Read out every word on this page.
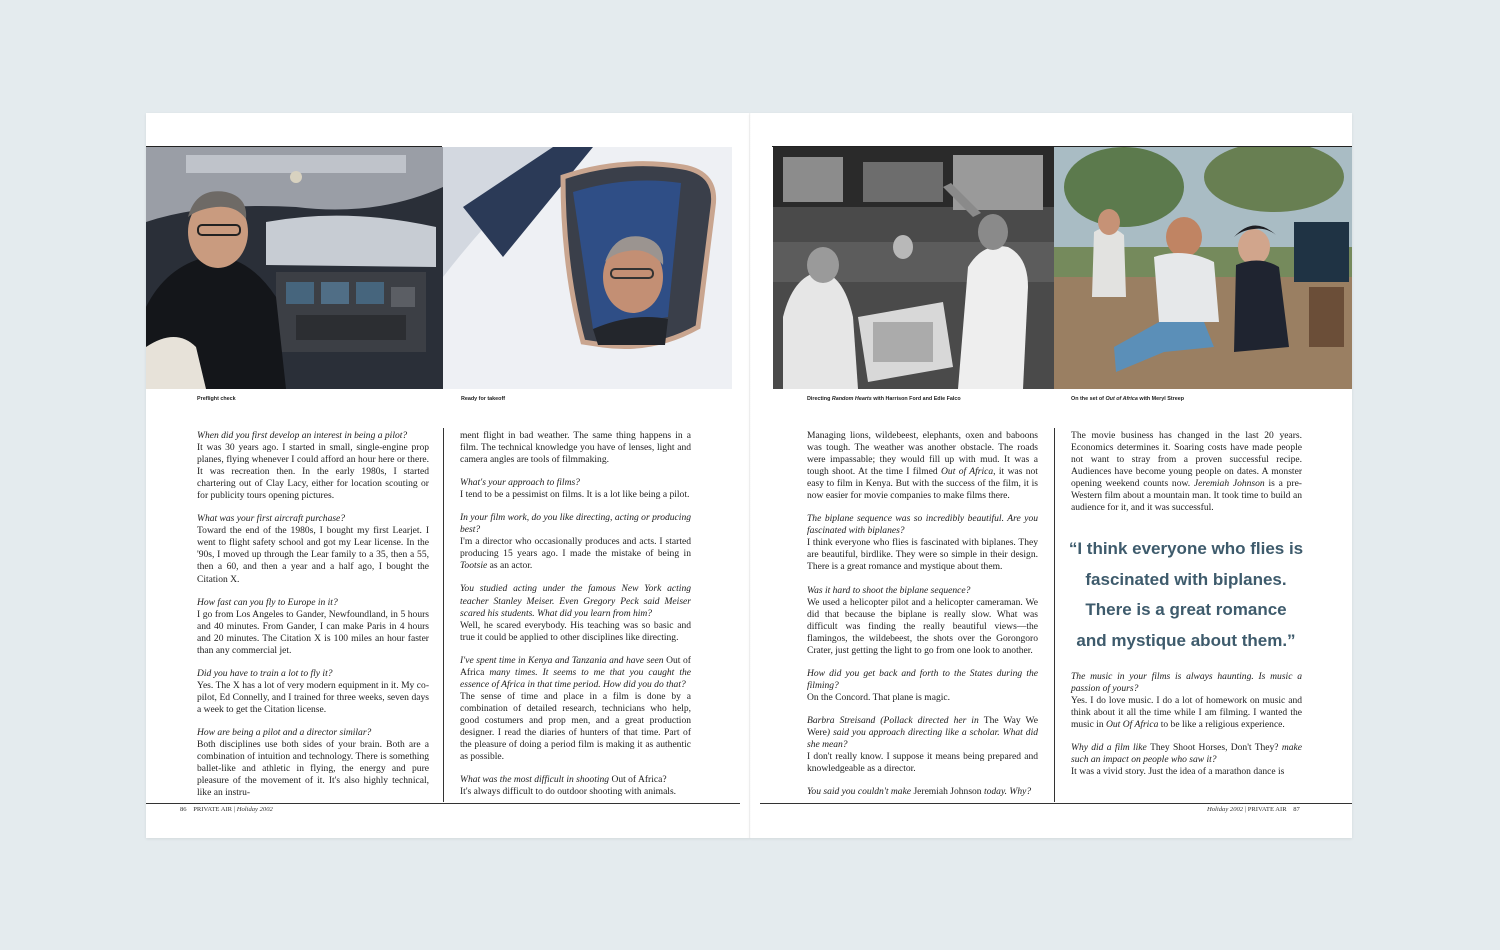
Preflight check	Ready for takeoff	Directing Random Hearts with Harrison Ford and Edie Falco	On the set of Out of Africa with Meryl Streep

When did you first develop an interest in being a pilot?

It was 30 years ago. I started in small, single-engine prop planes, flying whenever I could afford an hour here or there. It was recreation then. In the early 1980s, I started chartering out of Clay Lacy, either for location scouting or for publicity tours opening pictures.

What was your first aircraft purchase?

Toward the end of the 1980s, I bought my first Learjet. I went to flight safety school and got my Lear license. In the '90s, I moved up through the Lear family to a 35, then a 55, then a 60, and then a year and a half ago, I bought the Citation X.

How fast can you fly to Europe in it?

I go from Los Angeles to Gander, Newfoundland, in 5 hours and 40 minutes. From Gander, I can make Paris in 4 hours and 20 minutes. The Citation X is 100 miles an hour faster than any commercial jet.

Did you have to train a lot to fly it?

Yes. The X has a lot of very modern equipment in it. My co-pilot, Ed Connelly, and I trained for three weeks, seven days a week to get the Citation license.

How are being a pilot and a director similar?

Both disciplines use both sides of your brain. Both are a combination of intuition and technology. There is something ballet-like and athletic in flying, the energy and pure pleasure of the movement of it. It's also highly technical, like an instru-

ment flight in bad weather. The same thing happens in a film. The technical knowledge you have of lenses, light and camera angles are tools of filmmaking.

What's your approach to films?

I tend to be a pessimist on films. It is a lot like being a pilot.

In your film work, do you like directing, acting or producing best?

I'm a director who occasionally produces and acts. I started producing 15 years ago. I made the mistake of being in Tootsie as an actor.

You studied acting under the famous New York acting teacher Stanley Meiser. Even Gregory Peck said Meiser scared his students. What did you learn from him?

Well, he scared everybody. His teaching was so basic and true it could be applied to other disciplines like directing.

I've spent time in Kenya and Tanzania and have seen Out of Africa many times. It seems to me that you caught the essence of Africa in that time period. How did you do that?

The sense of time and place in a film is done by a combination of detailed research, technicians who help, good costumers and prop men, and a great production designer. I read the diaries of hunters of that time. Part of the pleasure of doing a period film is making it as authentic as possible.

What was the most difficult in shooting Out of Africa?

It's always difficult to do outdoor shooting with animals.

Managing lions, wildebeest, elephants, oxen and baboons was tough. The weather was another obstacle. The roads were impassable; they would fill up with mud. It was a tough shoot. At the time I filmed Out of Africa, it was not easy to film in Kenya. But with the success of the film, it is now easier for movie companies to make films there.

The biplane sequence was so incredibly beautiful. Are you fascinated with biplanes?

I think everyone who flies is fascinated with biplanes. They are beautiful, birdlike. They were so simple in their design. There is a great romance and mystique about them.

Was it hard to shoot the biplane sequence?

We used a helicopter pilot and a helicopter cameraman. We did that because the biplane is really slow. What was difficult was finding the really beautiful views—the flamingos, the wildebeest, the shots over the Gorongoro Crater, just getting the light to go from one look to another.

How did you get back and forth to the States during the filming?

On the Concord. That plane is magic.

Barbra Streisand (Pollack directed her in The Way We Were) said you approach directing like a scholar. What did she mean?

I don't really know. I suppose it means being prepared and knowledgeable as a director.

You said you couldn't make Jeremiah Johnson today. Why?

The movie business has changed in the last 20 years. Economics determines it. Soaring costs have made people not want to stray from a proven successful recipe. Audiences have become young people on dates. A monster opening weekend counts now. Jeremiah Johnson is a pre-Western film about a mountain man. It took time to build an audience for it, and it was successful.

“I think everyone who flies is fascinated with biplanes. There is a great romance and mystique about them.”

The music in your films is always haunting. Is music a passion of yours?

Yes. I do love music. I do a lot of homework on music and think about it all the time while I am filming. I wanted the music in Out Of Africa to be like a religious experience.

Why did a film like They Shoot Horses, Don't They? make such an impact on people who saw it?

It was a vivid story. Just the idea of a marathon dance is

86 PRIVATE AIR | Holiday 2002	Holiday 2002 | PRIVATE AIR 87
